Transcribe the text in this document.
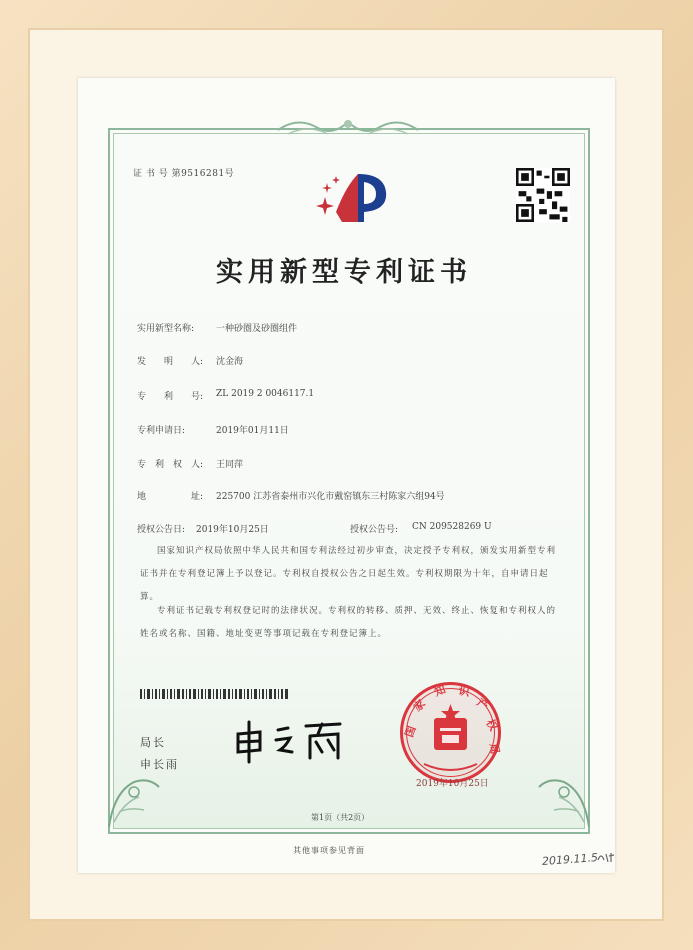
证 书 号 第9516281号
实用新型专利证书
实用新型名称: 一种砂圈及砂圈组件
发　　明　　人: 沈金海
专　　利　　号: ZL 2019 2 0046117.1
专利申请日:	2019年01月11日
专　利　权　人: 王同萍
地　　　　　址: 225700 江苏省泰州市兴化市戴窑镇东三村陈家六组94号
授权公告日: 2019年10月25日	授权公告号: CN 209528269 U
国家知识产权局依照中华人民共和国专利法经过初步审查，决定授予专利权，颁发实用新型专利证书并在专利登记簿上予以登记。专利权自授权公告之日起生效。专利权期限为十年，自申请日起算。
专利证书记载专利权登记时的法律状况。专利权的转移、质押、无效、终止、恢复和专利权人的姓名或名称、国籍、地址变更等事项记载在专利登记簿上。
局长
申长雨
国
家
知 识
产
权
局
2019年10月25日
第1页（共2页）
其他事项参见背面
2019.11.5
